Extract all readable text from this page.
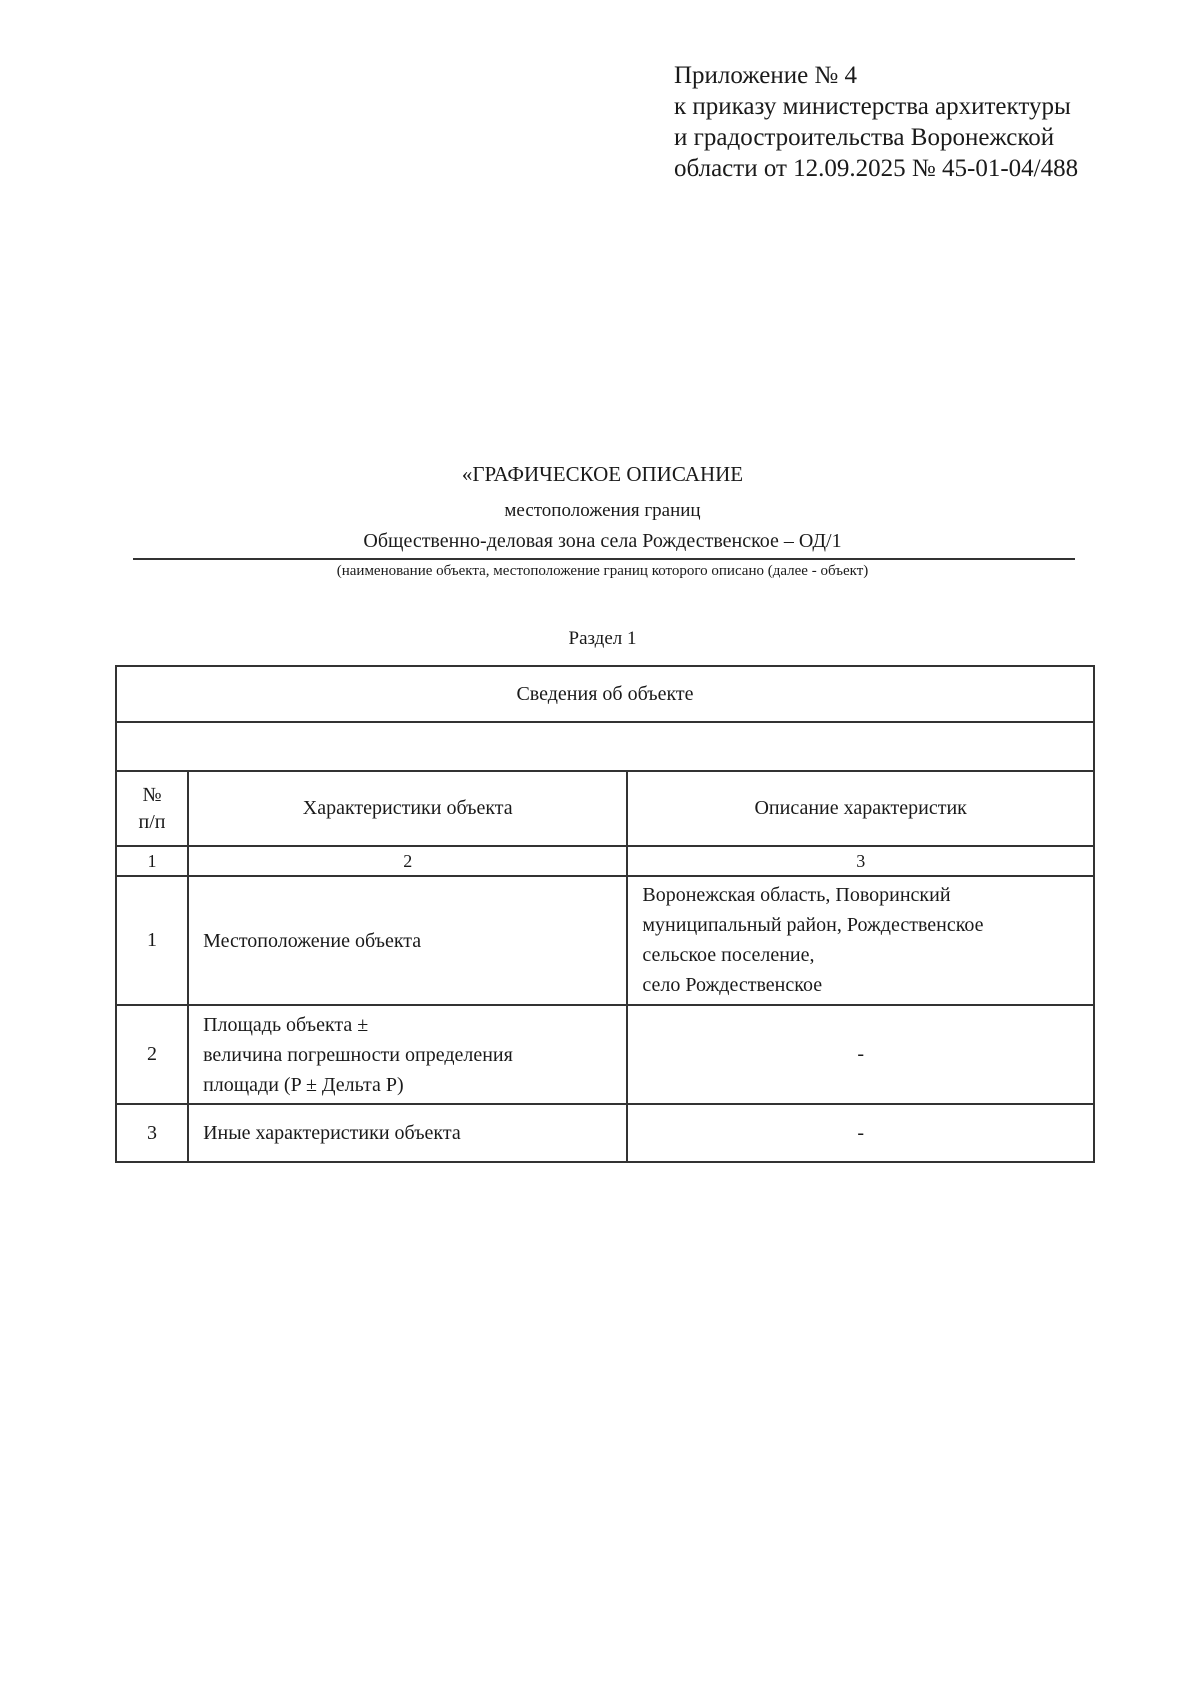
Приложение № 4
к приказу министерства архитектуры
и градостроительства Воронежской
области от 12.09.2025 № 45-01-04/488
«ГРАФИЧЕСКОЕ ОПИСАНИЕ
местоположения границ
Общественно-деловая зона села Рождественское – ОД/1
(наименование объекта, местоположение границ которого описано (далее - объект)
Раздел 1
Сведения об объекте		

№
п/п	Характеристики объекта	Описание характеристик
1	2	3
1	Местоположение объекта	Воронежская область, Поворинский
муниципальный район, Рождественское
сельское поселение,
село Рождественское
2	Площадь объекта ±
величина погрешности определения
площади (P ± Дельта P)	-
3	Иные характеристики объекта	-
